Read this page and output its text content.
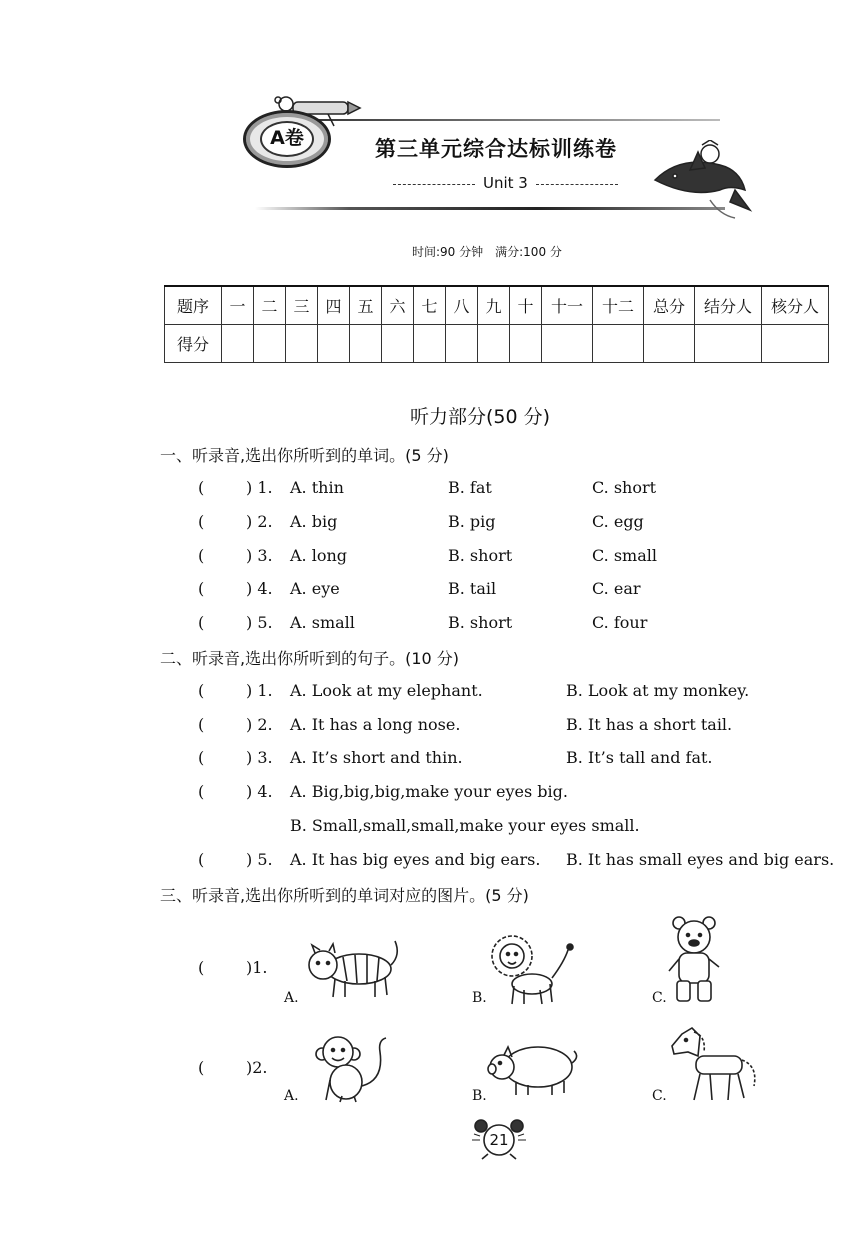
A卷	第三单元综合达标训练卷
Unit 3
时间:90 分钟　满分:100 分
题序	一	二	三	四	五	六	七	八	九	十	十一	十二	总分	结分人	核分人
得分															
听力部分(50 分)
一、听录音,选出你所听到的单词。(5 分)
(	) 1. A. thin	B. fat	C. short
(	) 2. A. big	B. pig	C. egg
(	) 3. A. long	B. short	C. small
(	) 4. A. eye	B. tail	C. ear
(	) 5. A. small	B. short	C. four
二、听录音,选出你所听到的句子。(10 分)
(	) 1. A. Look at my elephant.	B. Look at my monkey.
(	) 2. A. It has a long nose.	B. It has a short tail.
(	) 3. A. It’s short and thin.	B. It’s tall and fat.
(	) 4. A. Big,big,big,make your eyes big.
B. Small,small,small,make your eyes small.
(	) 5. A. It has big eyes and big ears. B. It has small eyes and big ears.
三、听录音,选出你所听到的单词对应的图片。(5 分)
(	)1.
A.	B.	C.
(	)2.
A.	B.	C.
21
